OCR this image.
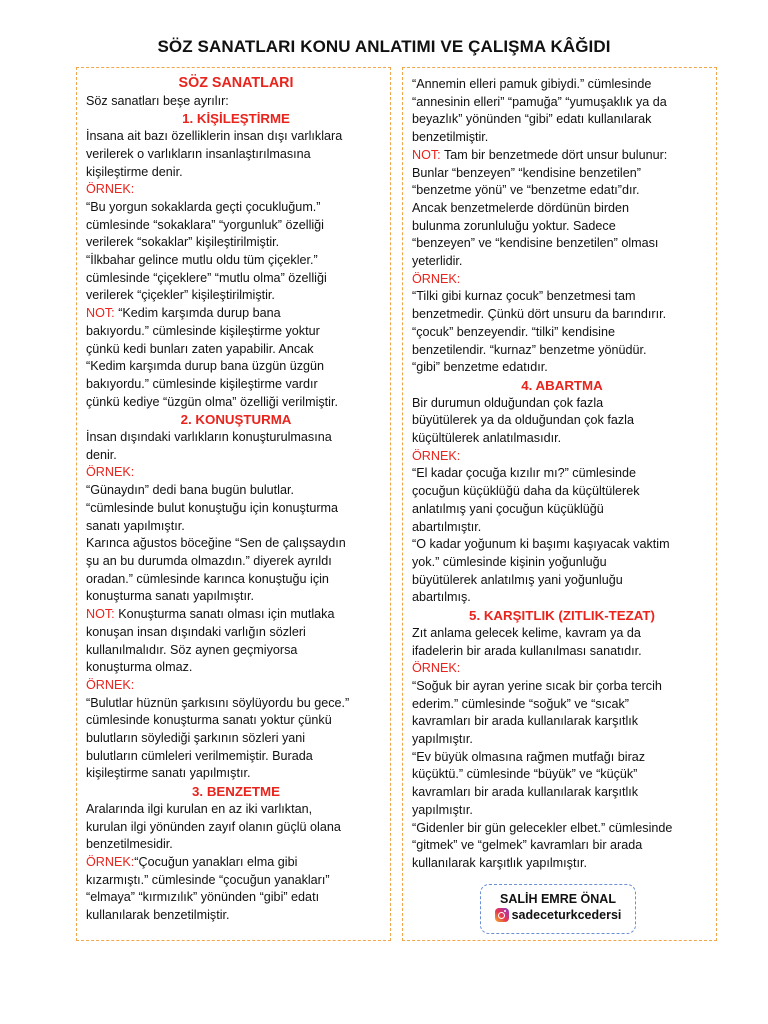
SÖZ SANATLARI KONU ANLATIMI VE ÇALIŞMA KÂĞIDI
SÖZ SANATLARI
Söz sanatları beşe ayrılır:
1. KİŞİLEŞTİRME
İnsana ait bazı özelliklerin insan dışı varlıklara
verilerek o varlıkların insanlaştırılmasına
kişileştirme denir.
ÖRNEK:
“Bu yorgun sokaklarda geçti çocukluğum.”
cümlesinde “sokaklara” “yorgunluk” özelliği
verilerek “sokaklar” kişileştirilmiştir.
“İlkbahar gelince mutlu oldu tüm çiçekler.”
cümlesinde “çiçeklere” “mutlu olma” özelliği
verilerek “çiçekler” kişileştirilmiştir.
NOT: “Kedim karşımda durup bana
bakıyordu.” cümlesinde kişileştirme yoktur
çünkü kedi bunları zaten yapabilir. Ancak
“Kedim karşımda durup bana üzgün üzgün
bakıyordu.” cümlesinde kişileştirme vardır
çünkü kediye “üzgün olma” özelliği verilmiştir.
2. KONUŞTURMA
İnsan dışındaki varlıkların konuşturulmasına
denir.
ÖRNEK:
“Günaydın” dedi bana bugün bulutlar.
“cümlesinde bulut konuştuğu için konuşturma
sanatı yapılmıştır.
Karınca ağustos böceğine “Sen de çalışsaydın
şu an bu durumda olmazdın.” diyerek ayrıldı
oradan.” cümlesinde karınca konuştuğu için
konuşturma sanatı yapılmıştır.
NOT: Konuşturma sanatı olması için mutlaka
konuşan insan dışındaki varlığın sözleri
kullanılmalıdır. Söz aynen geçmiyorsa
konuşturma olmaz.
ÖRNEK:
“Bulutlar hüznün şarkısını söylüyordu bu gece.”
cümlesinde konuşturma sanatı yoktur çünkü
bulutların söylediği şarkının sözleri yani
bulutların cümleleri verilmemiştir. Burada
kişileştirme sanatı yapılmıştır.
3. BENZETME
Aralarında ilgi kurulan en az iki varlıktan,
kurulan ilgi yönünden zayıf olanın güçlü olana
benzetilmesidir.
ÖRNEK:“Çocuğun yanakları elma gibi
kızarmıştı.” cümlesinde “çocuğun yanakları”
“elmaya” “kırmızılık” yönünden “gibi” edatı
kullanılarak benzetilmiştir.
“Annemin elleri pamuk gibiydi.” cümlesinde
“annesinin elleri” “pamuğa” “yumuşaklık ya da
beyazlık” yönünden “gibi” edatı kullanılarak
benzetilmiştir.
NOT: Tam bir benzetmede dört unsur bulunur:
Bunlar “benzeyen” “kendisine benzetilen”
“benzetme yönü” ve “benzetme edatı”dır.
Ancak benzetmelerde dördünün birden
bulunma zorunluluğu yoktur. Sadece
“benzeyen” ve “kendisine benzetilen” olması
yeterlidir.
ÖRNEK:
“Tilki gibi kurnaz çocuk” benzetmesi tam
benzetmedir. Çünkü dört unsuru da barındırır.
“çocuk” benzeyendir. “tilki” kendisine
benzetilendir. “kurnaz” benzetme yönüdür.
“gibi” benzetme edatıdır.
4. ABARTMA
Bir durumun olduğundan çok fazla
büyütülerek ya da olduğundan çok fazla
küçültülerek anlatılmasıdır.
ÖRNEK:
“El kadar çocuğa kızılır mı?” cümlesinde
çocuğun küçüklüğü daha da küçültülerek
anlatılmış yani çocuğun küçüklüğü
abartılmıştır.
“O kadar yoğunum ki başımı kaşıyacak vaktim
yok.” cümlesinde kişinin yoğunluğu
büyütülerek anlatılmış yani yoğunluğu
abartılmış.
5. KARŞITLIK (ZITLIK-TEZAT)
Zıt anlama gelecek kelime, kavram ya da
ifadelerin bir arada kullanılması sanatıdır.
ÖRNEK:
“Soğuk bir ayran yerine sıcak bir çorba tercih
ederim.” cümlesinde “soğuk” ve “sıcak”
kavramları bir arada kullanılarak karşıtlık
yapılmıştır.
“Ev büyük olmasına rağmen mutfağı biraz
küçüktü.” cümlesinde “büyük” ve “küçük”
kavramları bir arada kullanılarak karşıtlık
yapılmıştır.
“Gidenler bir gün gelecekler elbet.” cümlesinde
“gitmek” ve “gelmek” kavramları bir arada
kullanılarak karşıtlık yapılmıştır.
SALİH EMRE ÖNAL
sadeceturkcedersi
